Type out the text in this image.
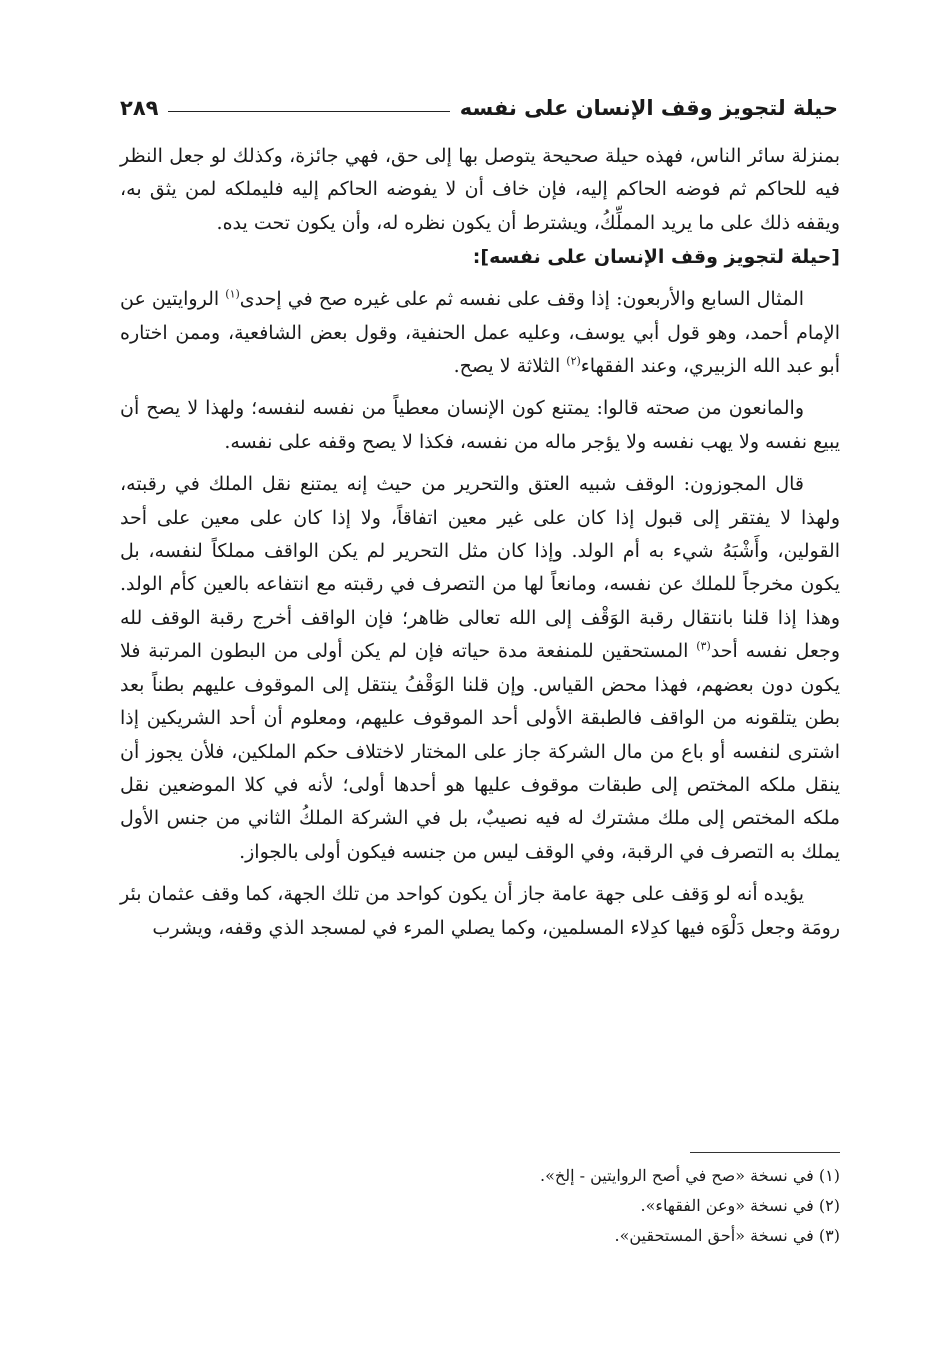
حيلة لتجويز وقف الإنسان على نفسه
٢٨٩

بمنزلة سائر الناس، فهذه حيلة صحيحة يتوصل بها إلى حق، فهي جائزة، وكذلك لو جعل النظر فيه للحاكم ثم فوضه الحاكم إليه، فإن خاف أن لا يفوضه الحاكم إليه فليملكه لمن يثق به، ويقفه ذلك على ما يريد المملِّكُ، ويشترط أن يكون نظره له، وأن يكون تحت يده.

[حيلة لتجويز وقف الإنسان على نفسه]:

المثال السابع والأربعون: إذا وقف على نفسه ثم على غيره صح في إحدى$^{(١)}$ الروايتين عن الإمام أحمد، وهو قول أبي يوسف، وعليه عمل الحنفية، وقول بعض الشافعية، وممن اختاره أبو عبد الله الزبيري، وعند الفقهاء$^{(٢)}$ الثلاثة لا يصح.

والمانعون من صحته قالوا: يمتنع كون الإنسان معطياً من نفسه لنفسه؛ ولهذا لا يصح أن يبيع نفسه ولا يهب نفسه ولا يؤجر ماله من نفسه، فكذا لا يصح وقفه على نفسه.

قال المجوزون: الوقف شبيه العتق والتحرير من حيث إنه يمتنع نقل الملك في رقبته، ولهذا لا يفتقر إلى قبول إذا كان على غير معين اتفاقاً، ولا إذا كان على معين على أحد القولين، وأَشْبَهُ شيء به أم الولد. وإذا كان مثل التحرير لم يكن الواقف مملكاً لنفسه، بل يكون مخرجاً للملك عن نفسه، ومانعاً لها من التصرف في رقبته مع انتفاعه بالعين كأم الولد. وهذا إذا قلنا بانتقال رقبة الوَقْف إلى الله تعالى ظاهر؛ فإن الواقف أخرج رقبة الوقف لله وجعل نفسه أحد$^{(٣)}$ المستحقين للمنفعة مدة حياته فإن لم يكن أولى من البطون المرتبة فلا يكون دون بعضهم، فهذا محض القياس. وإن قلنا الوَقْفُ ينتقل إلى الموقوف عليهم بطناً بعد بطن يتلقونه من الواقف فالطبقة الأولى أحد الموقوف عليهم، ومعلوم أن أحد الشريكين إذا اشترى لنفسه أو باع من مال الشركة جاز على المختار لاختلاف حكم الملكين، فلأن يجوز أن ينقل ملكه المختص إلى طبقات موقوف عليها هو أحدها أولى؛ لأنه في كلا الموضعين نقل ملكه المختص إلى ملك مشترك له فيه نصيبٌ، بل في الشركة الملكُ الثاني من جنس الأول يملك به التصرف في الرقبة، وفي الوقف ليس من جنسه فيكون أولى بالجواز.

يؤيده أنه لو وَقف على جهة عامة جاز أن يكون كواحد من تلك الجهة، كما وقف عثمان بئر رومَة وجعل دَلْوَه فيها كدِلاء المسلمين، وكما يصلي المرء في لمسجد الذي وقفه، ويشرب

(١) في نسخة «صح في أصح الروايتين - إلخ».

(٢) في نسخة «وعن الفقهاء».

(٣) في نسخة «أحق المستحقين».
